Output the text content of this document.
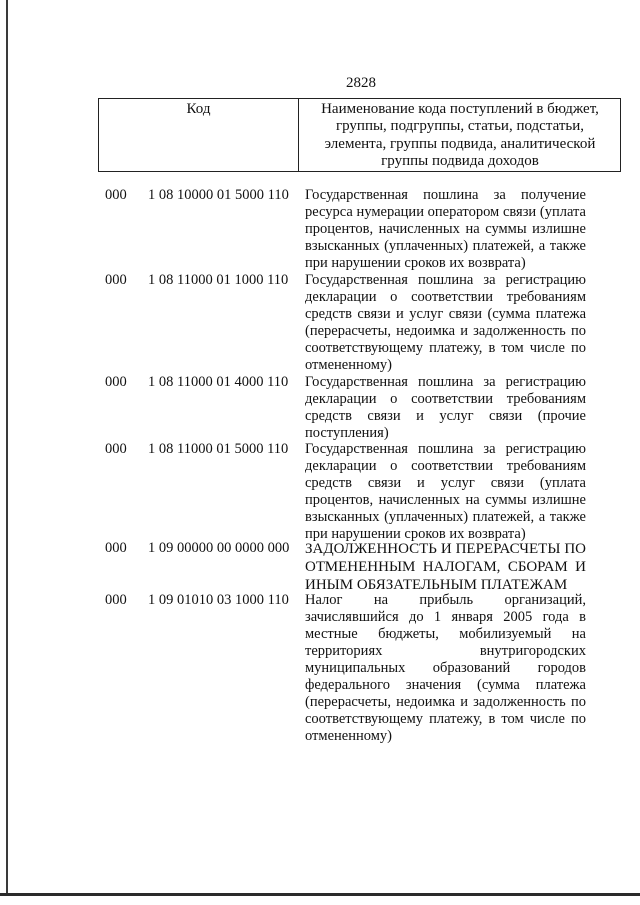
2828
Код	Наименование кода поступлений в бюджет,
группы, подгруппы, статьи, подстатьи,
элемента, группы подвида, аналитической
группы подвида доходов
000 1 08 10000 01 5000 110 Государственная пошлина за получение
ресурса нумерации оператором связи (уплата
процентов, начисленных на суммы излишне
взысканных (уплаченных) платежей, а также
при нарушении сроков их возврата)
000 1 08 11000 01 1000 110 Государственная пошлина за регистрацию
декларации о соответствии требованиям
средств связи и услуг связи (сумма платежа
(перерасчеты, недоимка и задолженность по
соответствующему платежу, в том числе по
отмененному)
000 1 08 11000 01 4000 110 Государственная пошлина за регистрацию
декларации о соответствии требованиям
средств связи и услуг связи (прочие
поступления)
000 1 08 11000 01 5000 110 Государственная пошлина за регистрацию
декларации о соответствии требованиям
средств связи и услуг связи (уплата
процентов, начисленных на суммы излишне
взысканных (уплаченных) платежей, а также
при нарушении сроков их возврата)
000 1 09 00000 00 0000 000 ЗАДОЛЖЕННОСТЬ И ПЕРЕРАСЧЕТЫ ПО
ОТМЕНЕННЫМ НАЛОГАМ, СБОРАМ И
ИНЫМ ОБЯЗАТЕЛЬНЫМ ПЛАТЕЖАМ
000 1 09 01010 03 1000 110 Налог на прибыль организаций,
зачислявшийся до 1 января 2005 года в
местные бюджеты, мобилизуемый на
территориях внутригородских
муниципальных образований городов
федерального значения (сумма платежа
(перерасчеты, недоимка и задолженность по
соответствующему платежу, в том числе по
отмененному)
